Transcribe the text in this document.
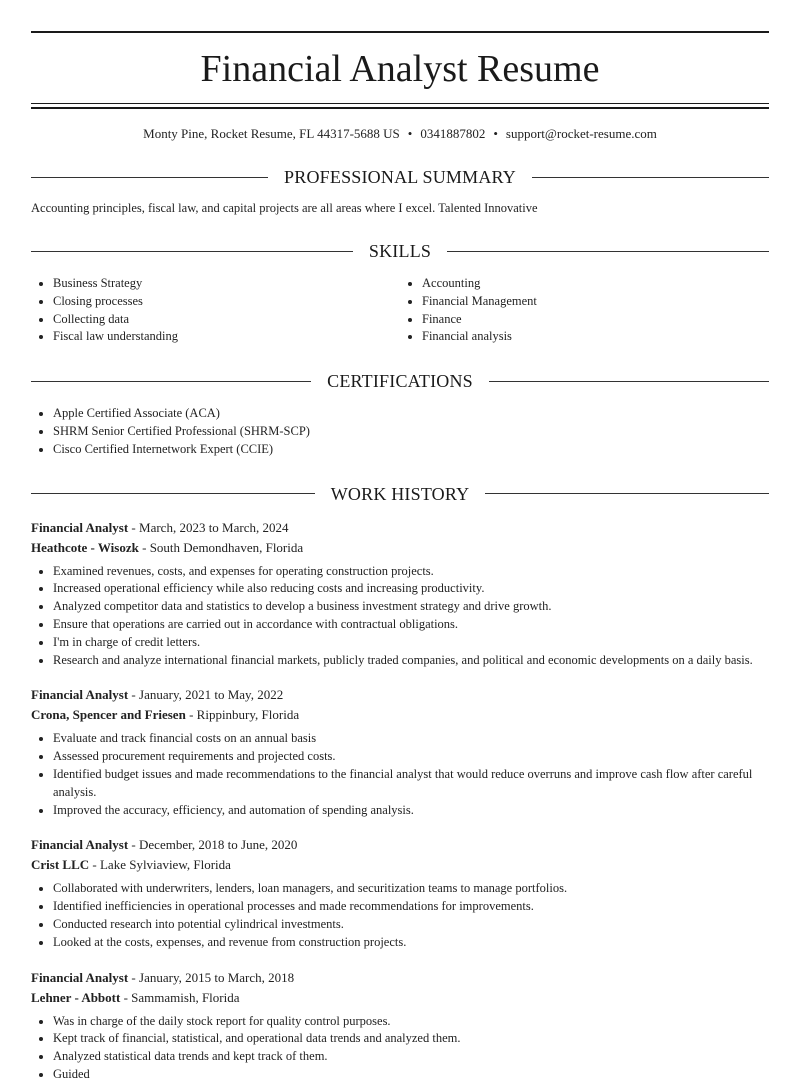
Financial Analyst Resume
Monty Pine, Rocket Resume, FL 44317-5688 US • 0341887802 • support@rocket-resume.com
PROFESSIONAL SUMMARY
Accounting principles, fiscal law, and capital projects are all areas where I excel. Talented Innovative
SKILLS
• Business Strategy
• Closing processes
• Collecting data
• Fiscal law understanding
• Accounting
• Financial Management
• Finance
• Financial analysis
CERTIFICATIONS
• Apple Certified Associate (ACA)
• SHRM Senior Certified Professional (SHRM-SCP)
• Cisco Certified Internetwork Expert (CCIE)
WORK HISTORY
Financial Analyst - March, 2023 to March, 2024
Heathcote - Wisozk - South Demondhaven, Florida
• Examined revenues, costs, and expenses for operating construction projects.
• Increased operational efficiency while also reducing costs and increasing productivity.
• Analyzed competitor data and statistics to develop a business investment strategy and drive growth.
• Ensure that operations are carried out in accordance with contractual obligations.
• I'm in charge of credit letters.
• Research and analyze international financial markets, publicly traded companies, and political and economic developments on a daily basis.
Financial Analyst - January, 2021 to May, 2022
Crona, Spencer and Friesen - Rippinbury, Florida
• Evaluate and track financial costs on an annual basis
• Assessed procurement requirements and projected costs.
• Identified budget issues and made recommendations to the financial analyst that would reduce overruns and improve cash flow after careful analysis.
• Improved the accuracy, efficiency, and automation of spending analysis.
Financial Analyst - December, 2018 to June, 2020
Crist LLC - Lake Sylviaview, Florida
• Collaborated with underwriters, lenders, loan managers, and securitization teams to manage portfolios.
• Identified inefficiencies in operational processes and made recommendations for improvements.
• Conducted research into potential cylindrical investments.
• Looked at the costs, expenses, and revenue from construction projects.
Financial Analyst - January, 2015 to March, 2018
Lehner - Abbott - Sammamish, Florida
• Was in charge of the daily stock report for quality control purposes.
• Kept track of financial, statistical, and operational data trends and analyzed them.
• Analyzed statistical data trends and kept track of them.
• Guided
